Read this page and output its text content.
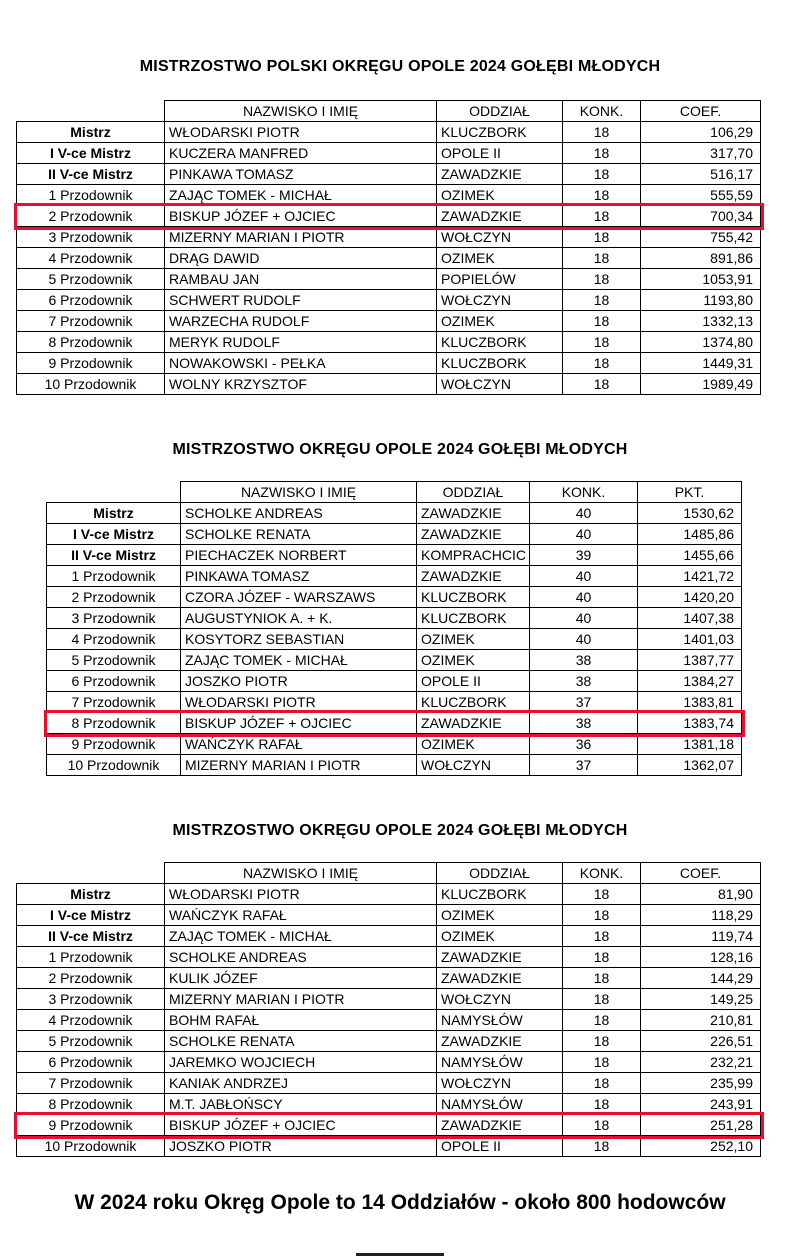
MISTRZOSTWO POLSKI OKRĘGU OPOLE 2024 GOŁĘBI MŁODYCH
	NAZWISKO I IMIĘ	ODDZIAŁ	KONK.	COEF.
Mistrz	WŁODARSKI PIOTR	KLUCZBORK	18	106,29
I V-ce Mistrz	KUCZERA MANFRED	OPOLE II	18	317,70
II V-ce Mistrz	PINKAWA TOMASZ	ZAWADZKIE	18	516,17
1 Przodownik	ZAJĄC TOMEK - MICHAŁ	OZIMEK	18	555,59
2 Przodownik	BISKUP JÓZEF + OJCIEC	ZAWADZKIE	18	700,34
3 Przodownik	MIZERNY MARIAN I PIOTR	WOŁCZYN	18	755,42
4 Przodownik	DRĄG DAWID	OZIMEK	18	891,86
5 Przodownik	RAMBAU JAN	POPIELÓW	18	1053,91
6 Przodownik	SCHWERT RUDOLF	WOŁCZYN	18	1193,80
7 Przodownik	WARZECHA RUDOLF	OZIMEK	18	1332,13
8 Przodownik	MERYK RUDOLF	KLUCZBORK	18	1374,80
9 Przodownik	NOWAKOWSKI - PEŁKA	KLUCZBORK	18	1449,31
10 Przodownik	WOLNY KRZYSZTOF	WOŁCZYN	18	1989,49
MISTRZOSTWO OKRĘGU OPOLE 2024 GOŁĘBI MŁODYCH
	NAZWISKO I IMIĘ	ODDZIAŁ	KONK.	PKT.
Mistrz	SCHOLKE ANDREAS	ZAWADZKIE	40	1530,62
I V-ce Mistrz	SCHOLKE RENATA	ZAWADZKIE	40	1485,86
II V-ce Mistrz	PIECHACZEK NORBERT	KOMPRACHCIC	39	1455,66
1 Przodownik	PINKAWA TOMASZ	ZAWADZKIE	40	1421,72
2 Przodownik	CZORA JÓZEF - WARSZAWS	KLUCZBORK	40	1420,20
3 Przodownik	AUGUSTYNIOK A. + K.	KLUCZBORK	40	1407,38
4 Przodownik	KOSYTORZ SEBASTIAN	OZIMEK	40	1401,03
5 Przodownik	ZAJĄC TOMEK - MICHAŁ	OZIMEK	38	1387,77
6 Przodownik	JOSZKO PIOTR	OPOLE II	38	1384,27
7 Przodownik	WŁODARSKI PIOTR	KLUCZBORK	37	1383,81
8 Przodownik	BISKUP JÓZEF + OJCIEC	ZAWADZKIE	38	1383,74
9 Przodownik	WAŃCZYK RAFAŁ	OZIMEK	36	1381,18
10 Przodownik	MIZERNY MARIAN I PIOTR	WOŁCZYN	37	1362,07
MISTRZOSTWO OKRĘGU OPOLE 2024 GOŁĘBI MŁODYCH
	NAZWISKO I IMIĘ	ODDZIAŁ	KONK.	COEF.
Mistrz	WŁODARSKI PIOTR	KLUCZBORK	18	81,90
I V-ce Mistrz	WAŃCZYK RAFAŁ	OZIMEK	18	118,29
II V-ce Mistrz	ZAJĄC TOMEK - MICHAŁ	OZIMEK	18	119,74
1 Przodownik	SCHOLKE ANDREAS	ZAWADZKIE	18	128,16
2 Przodownik	KULIK JÓZEF	ZAWADZKIE	18	144,29
3 Przodownik	MIZERNY MARIAN I PIOTR	WOŁCZYN	18	149,25
4 Przodownik	BOHM RAFAŁ	NAMYSŁÓW	18	210,81
5 Przodownik	SCHOLKE RENATA	ZAWADZKIE	18	226,51
6 Przodownik	JAREMKO WOJCIECH	NAMYSŁÓW	18	232,21
7 Przodownik	KANIAK ANDRZEJ	WOŁCZYN	18	235,99
8 Przodownik	M.T. JABŁOŃSCY	NAMYSŁÓW	18	243,91
9 Przodownik	BISKUP JÓZEF + OJCIEC	ZAWADZKIE	18	251,28
10 Przodownik	JOSZKO PIOTR	OPOLE II	18	252,10
W 2024 roku Okręg Opole to 14 Oddziałów - około 800 hodowców
